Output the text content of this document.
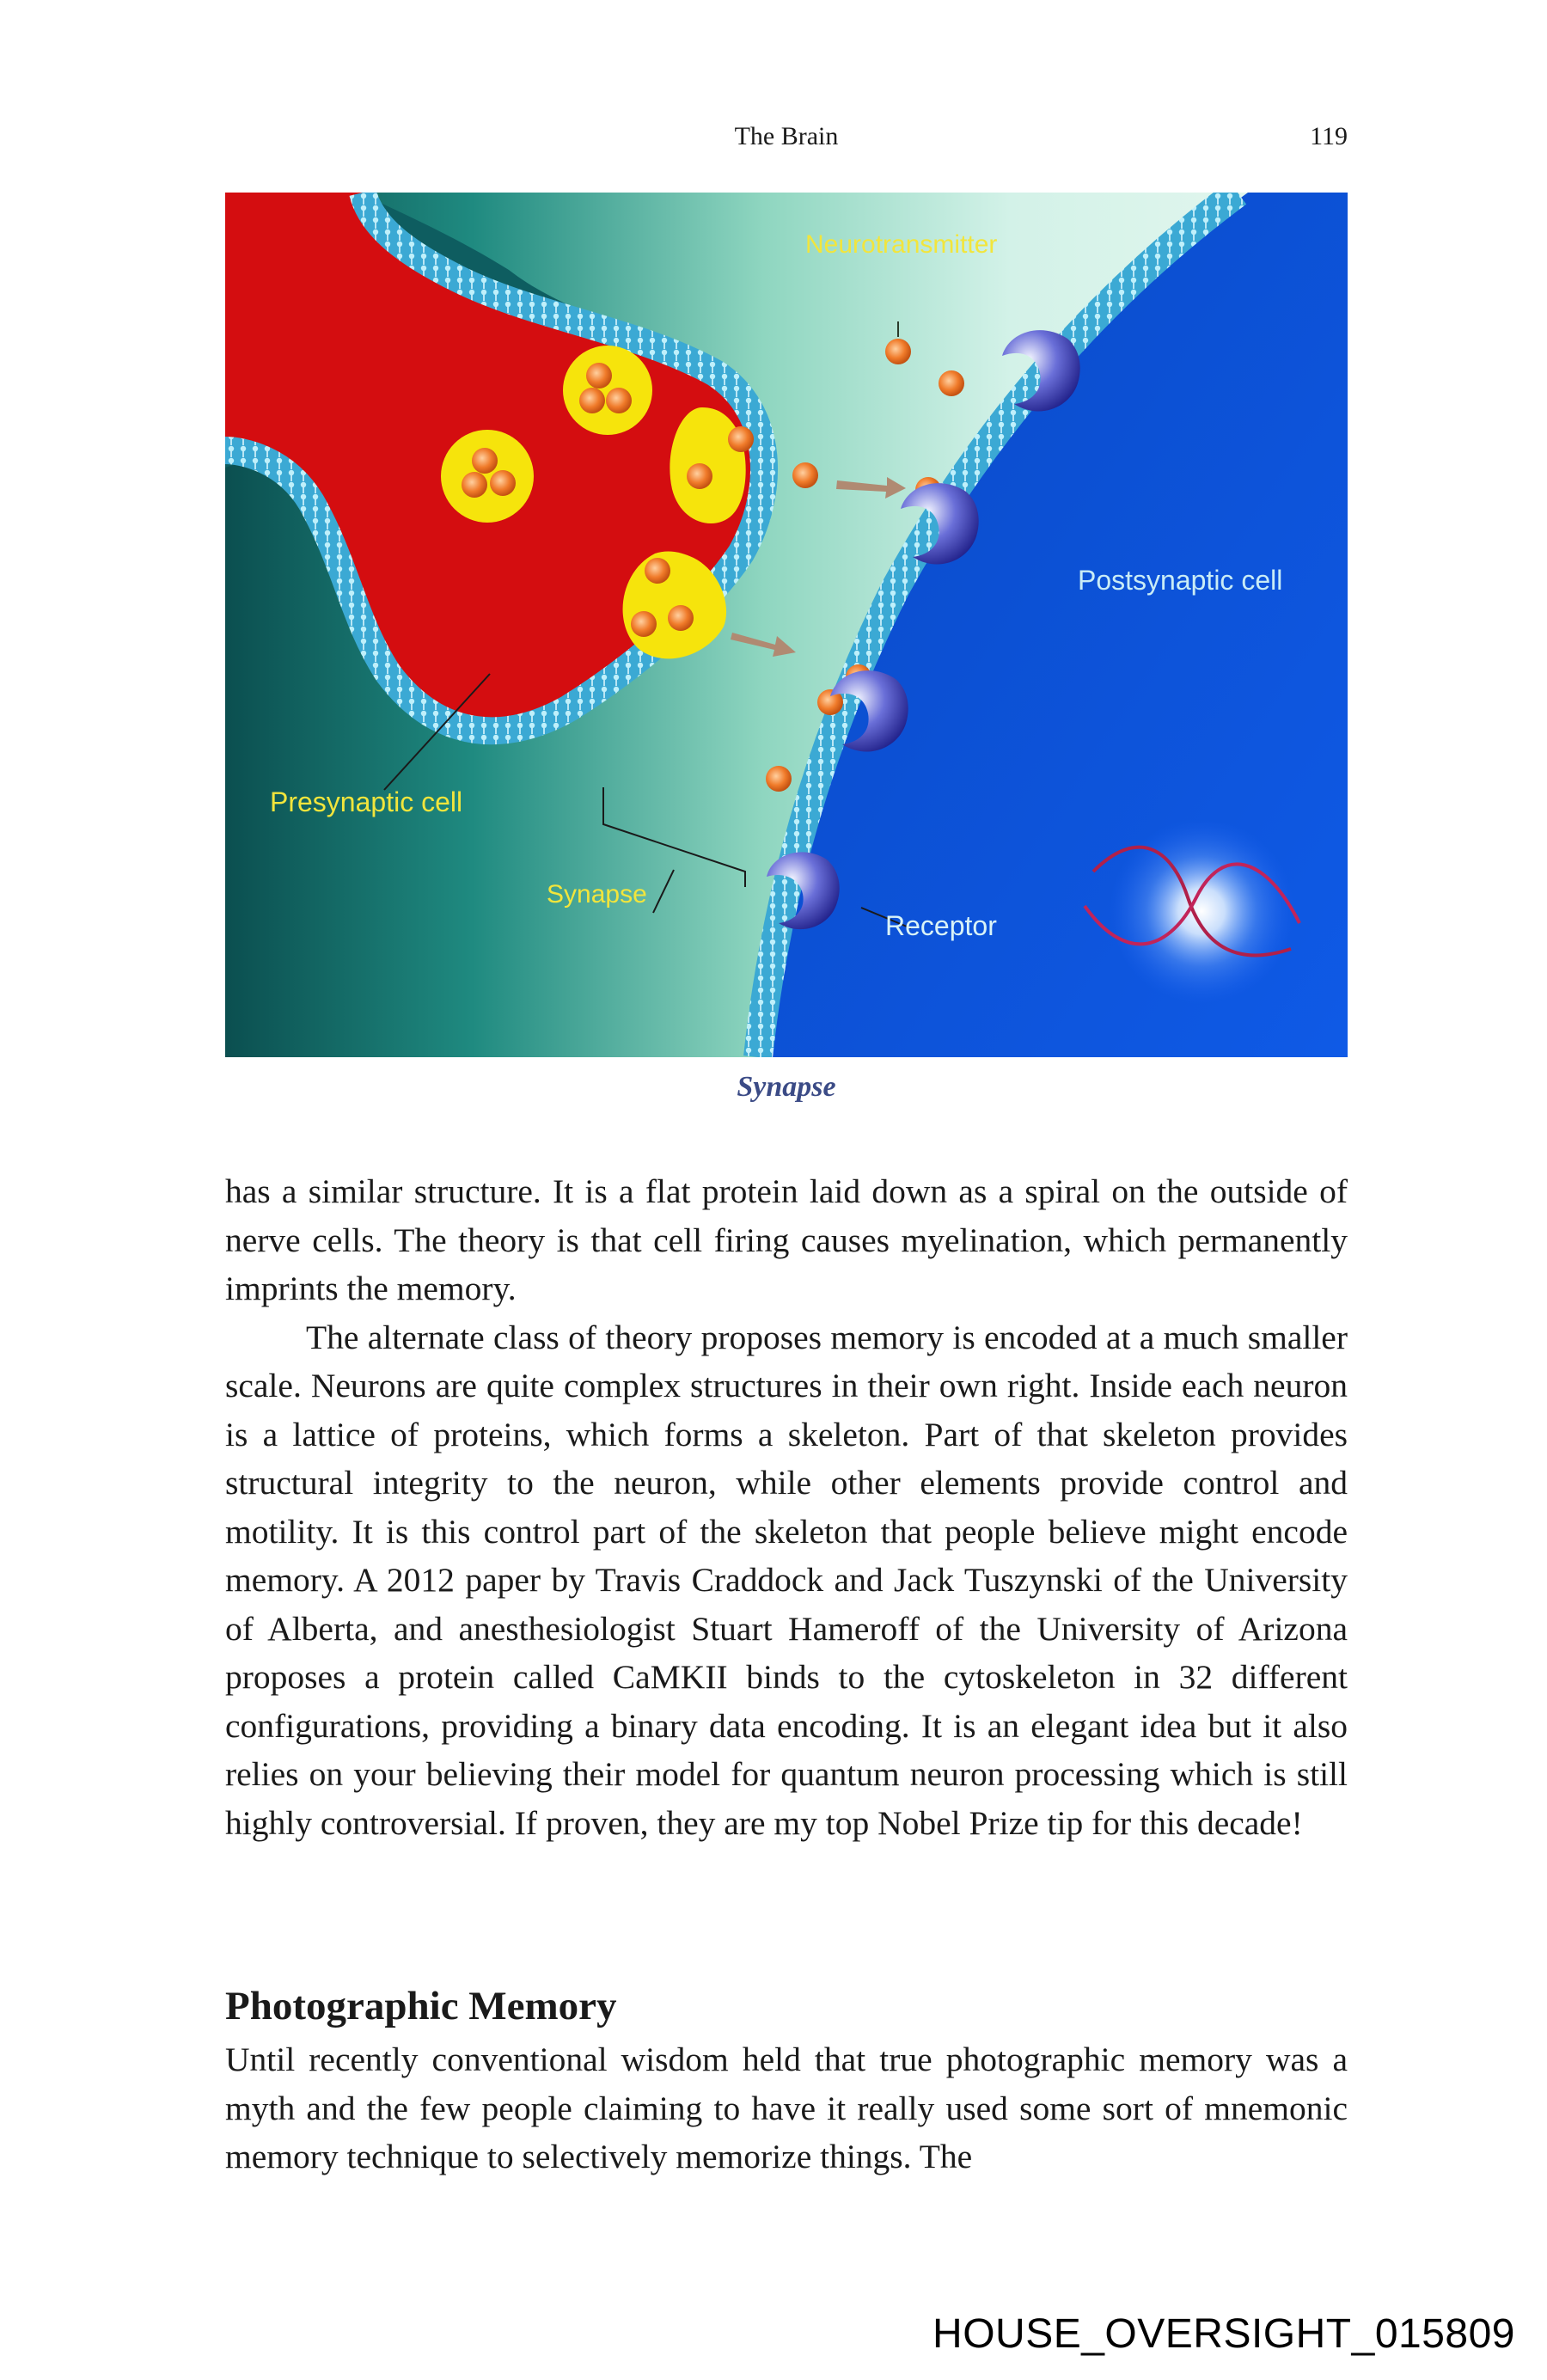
The Brain	119
Neurotransmitter
Postsynaptic cell
Presynaptic cell
Synapse
Receptor
Synapse

has a similar structure. It is a flat protein laid down as a spiral on the outside of nerve cells. The theory is that cell firing causes myelination, which permanently imprints the memory.

The alternate class of theory proposes memory is encoded at a much smaller scale. Neurons are quite complex structures in their own right. Inside each neuron is a lattice of proteins, which forms a skeleton. Part of that skeleton provides structural integrity to the neuron, while other elements provide control and motility. It is this control part of the skeleton that people believe might encode memory. A 2012 paper by Travis Craddock and Jack Tuszynski of the University of Alberta, and anesthesiologist Stuart Hameroff of the University of Arizona proposes a protein called CaMKII binds to the cytoskeleton in 32 different configurations, providing a binary data encoding. It is an elegant idea but it also relies on your believing their model for quantum neuron processing which is still highly controversial. If proven, they are my top Nobel Prize tip for this decade!

Photographic Memory

Until recently conventional wisdom held that true photographic memory was a myth and the few people claiming to have it really used some sort of mnemonic memory technique to selectively memorize things. The

HOUSE_OVERSIGHT_015809
